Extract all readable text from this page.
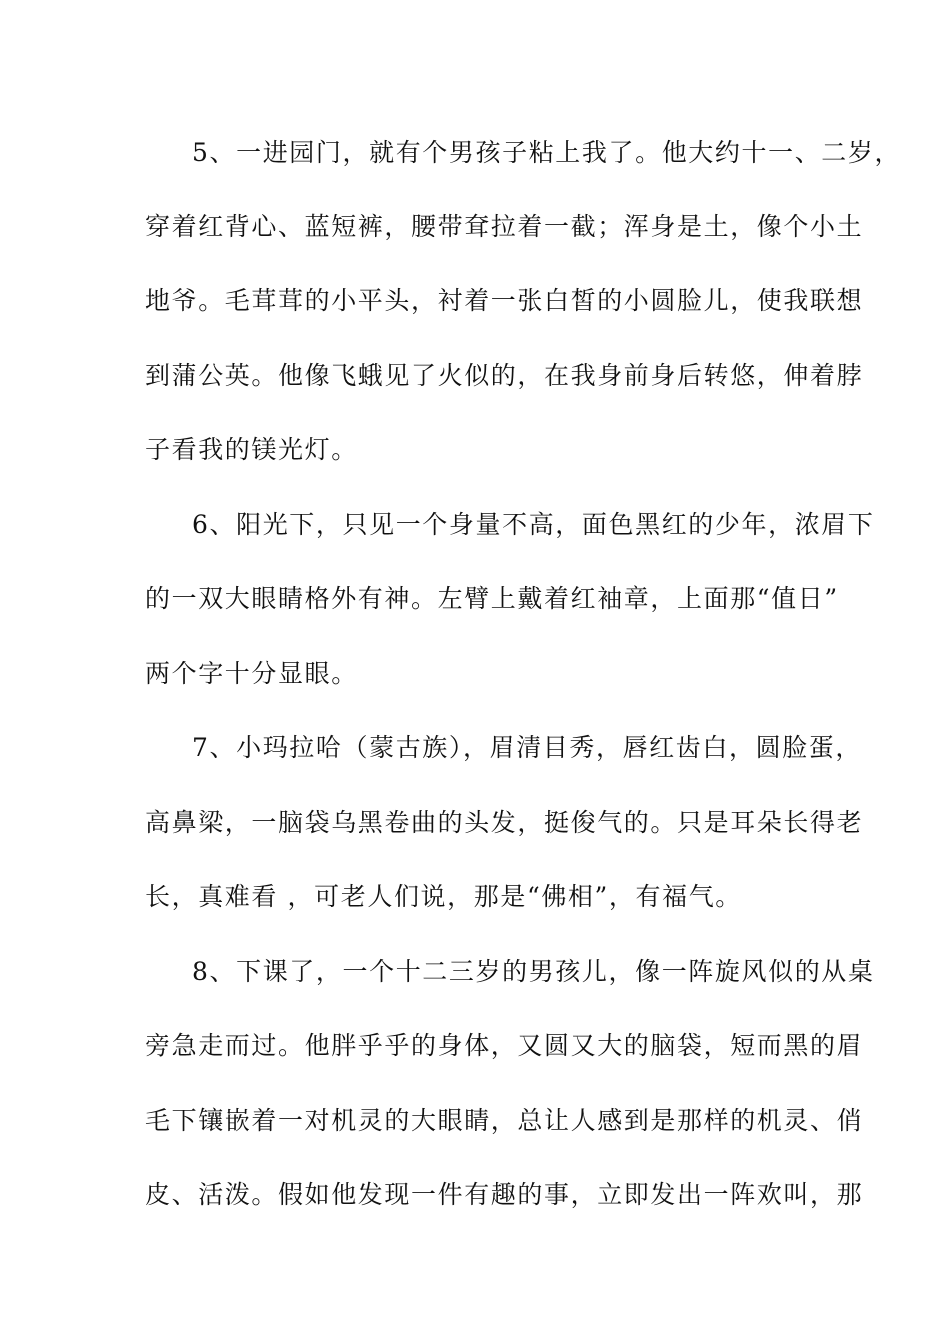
5、一进园门，就有个男孩子粘上我了。他大约十一、二岁，
穿着红背心、蓝短裤，腰带耷拉着一截；浑身是土，像个小土
地爷。毛茸茸的小平头，衬着一张白皙的小圆脸儿，使我联想
到蒲公英。他像飞蛾见了火似的，在我身前身后转悠，伸着脖
子看我的镁光灯。
6、阳光下，只见一个身量不高，面色黑红的少年，浓眉下
的一双大眼睛格外有神。左臂上戴着红袖章，上面那“值日”
两个字十分显眼。
7、小玛拉哈（蒙古族），眉清目秀，唇红齿白，圆脸蛋，
高鼻梁，一脑袋乌黑卷曲的头发，挺俊气的。只是耳朵长得老
长，真难看 ，可老人们说，那是“佛相”，有福气。
8、下课了，一个十二三岁的男孩儿，像一阵旋风似的从桌
旁急走而过。他胖乎乎的身体，又圆又大的脑袋，短而黑的眉
毛下镶嵌着一对机灵的大眼睛，总让人感到是那样的机灵、俏
皮、活泼。假如他发现一件有趣的事，立即发出一阵欢叫，那
